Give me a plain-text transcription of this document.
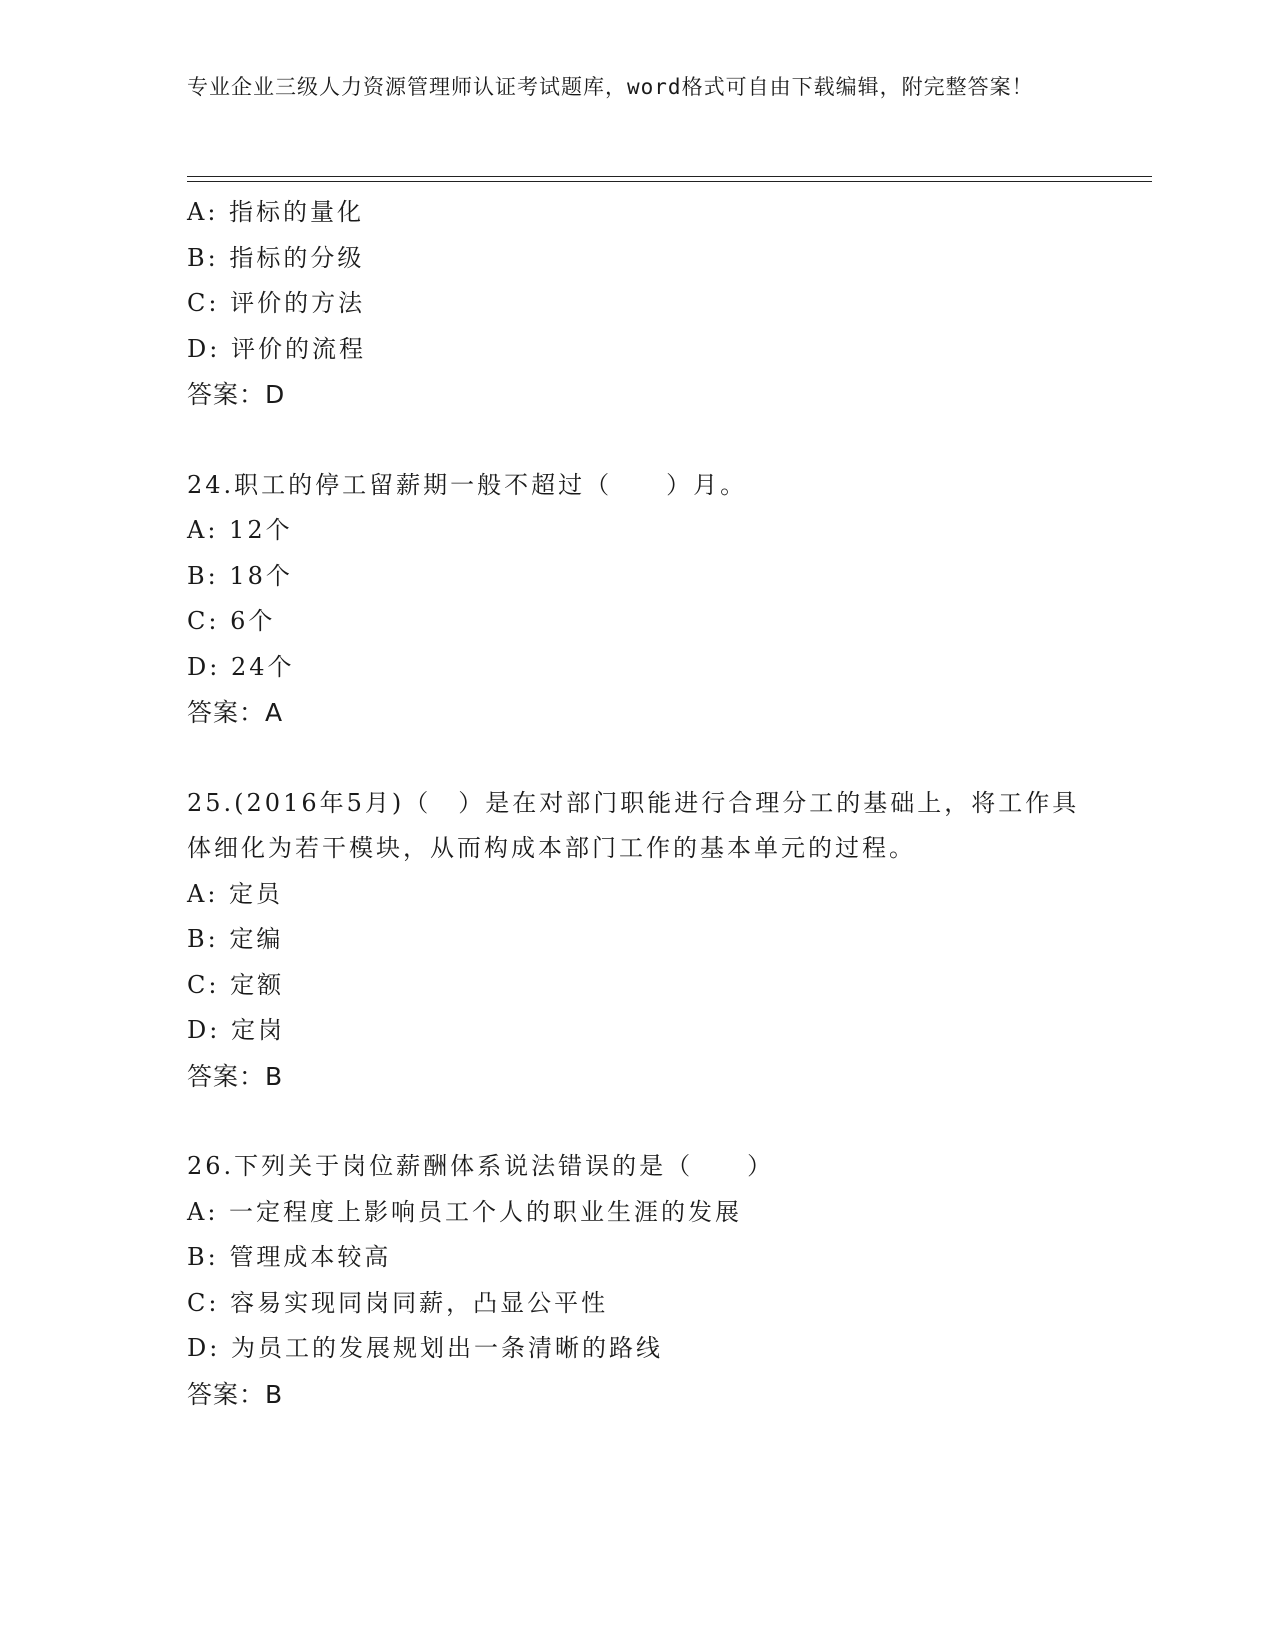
专业企业三级人力资源管理师认证考试题库，word格式可自由下载编辑，附完整答案！
A: 指标的量化
B: 指标的分级
C: 评价的方法
D: 评价的流程
答案：D
24.职工的停工留薪期一般不超过（　　）月。
A: 12个
B: 18个
C: 6个
D: 24个
答案：A
25.(2016年5月)（　）是在对部门职能进行合理分工的基础上，将工作具体细化为若干模块，从而构成本部门工作的基本单元的过程。
A: 定员
B: 定编
C: 定额
D: 定岗
答案：B
26.下列关于岗位薪酬体系说法错误的是（　　）
A: 一定程度上影响员工个人的职业生涯的发展
B: 管理成本较高
C: 容易实现同岗同薪，凸显公平性
D: 为员工的发展规划出一条清晰的路线
答案：B
